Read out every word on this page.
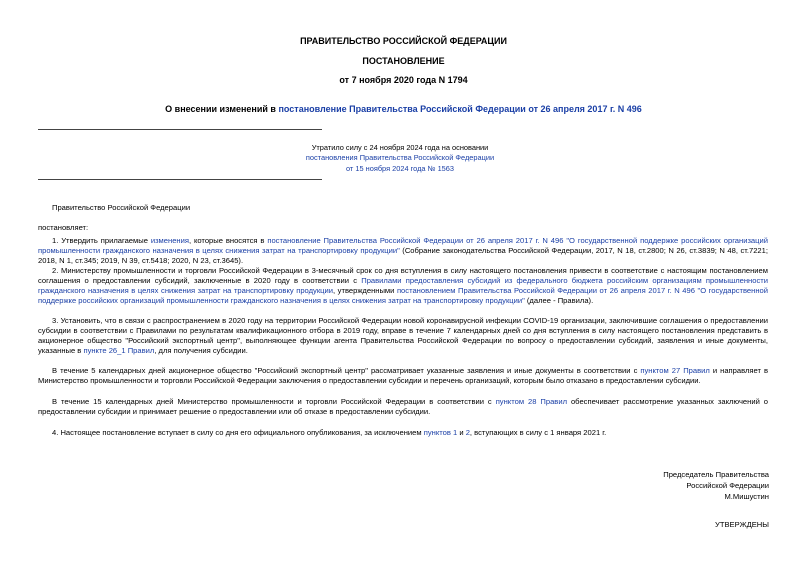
ПРАВИТЕЛЬСТВО РОССИЙСКОЙ ФЕДЕРАЦИИ
ПОСТАНОВЛЕНИЕ
от 7 ноября 2020 года N 1794
О внесении изменений в постановление Правительства Российской Федерации от 26 апреля 2017 г. N 496
Утратило силу с 24 ноября 2024 года на основании
постановления Правительства Российской Федерации
от 15 ноября 2024 года № 1563
Правительство Российской Федерации
постановляет:
1. Утвердить прилагаемые изменения, которые вносятся в постановление Правительства Российской Федерации от 26 апреля 2017 г. N 496 "О государственной поддержке российских организаций промышленности гражданского назначения в целях снижения затрат на транспортировку продукции" (Собрание законодательства Российской Федерации, 2017, N 18, ст.2800; N 26, ст.3839; N 48, ст.7221; 2018, N 1, ст.345; 2019, N 39, ст.5418; 2020, N 23, ст.3645).
2. Министерству промышленности и торговли Российской Федерации в 3-месячный срок со дня вступления в силу настоящего постановления привести в соответствие с настоящим постановлением соглашения о предоставлении субсидий, заключенные в 2020 году в соответствии с Правилами предоставления субсидий из федерального бюджета российским организациям промышленности гражданского назначения в целях снижения затрат на транспортировку продукции, утвержденными постановлением Правительства Российской Федерации от 26 апреля 2017 г. N 496 "О государственной поддержке российских организаций промышленности гражданского назначения в целях снижения затрат на транспортировку продукции" (далее - Правила).
3. Установить, что в связи с распространением в 2020 году на территории Российской Федерации новой коронавирусной инфекции COVID-19 организации, заключившие соглашения о предоставлении субсидии в соответствии с Правилами по результатам квалификационного отбора в 2019 году, вправе в течение 7 календарных дней со дня вступления в силу настоящего постановления представить в акционерное общество "Российский экспортный центр", выполняющее функции агента Правительства Российской Федерации по вопросу о предоставлении субсидий, заявления и иные документы, указанные в пункте 26_1 Правил, для получения субсидии.
В течение 5 календарных дней акционерное общество "Российский экспортный центр" рассматривает указанные заявления и иные документы в соответствии с пунктом 27 Правил и направляет в Министерство промышленности и торговли Российской Федерации заключения о предоставлении субсидии и перечень организаций, которым было отказано в предоставлении субсидии.
В течение 15 календарных дней Министерство промышленности и торговли Российской Федерации в соответствии с пунктом 28 Правил обеспечивает рассмотрение указанных заключений о предоставлении субсидии и принимает решение о предоставлении или об отказе в предоставлении субсидии.
4. Настоящее постановление вступает в силу со дня его официального опубликования, за исключением пунктов 1 и 2, вступающих в силу с 1 января 2021 г.
Председатель Правительства
Российской Федерации
М.Мишустин
УТВЕРЖДЕНЫ
